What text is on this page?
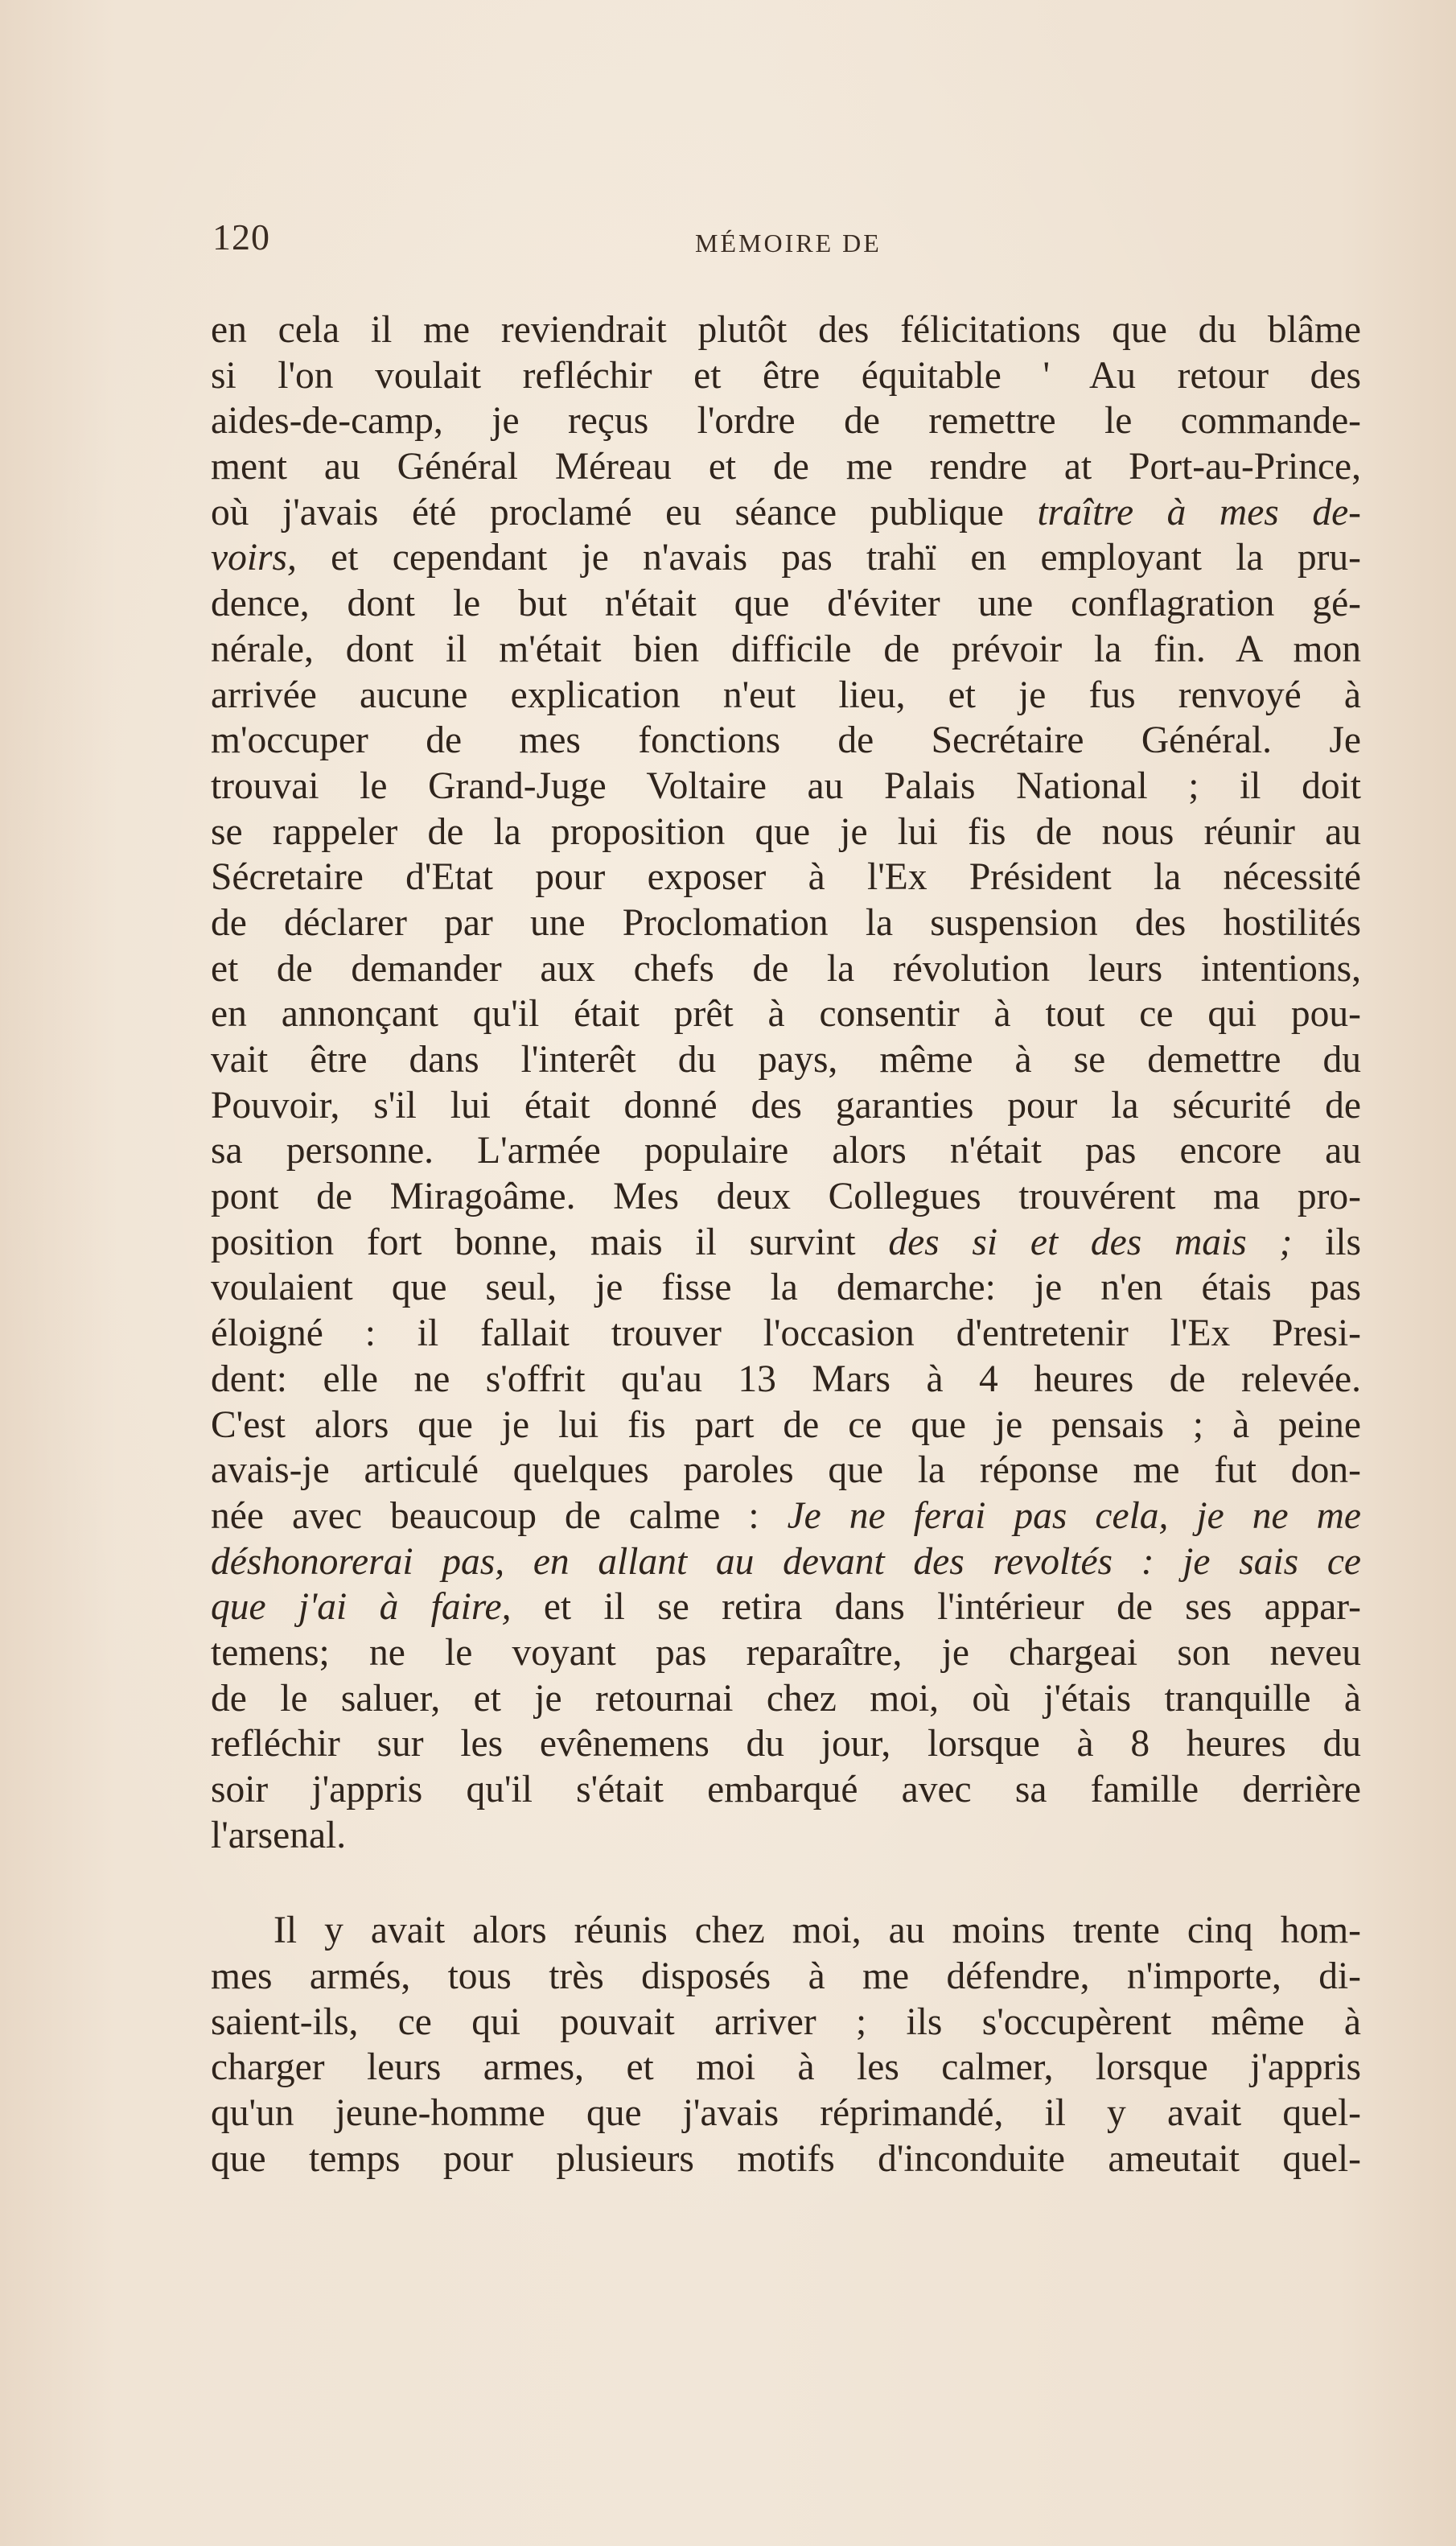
120	MÉMOIRE DE
en cela il me reviendrait plutôt des félicitations que du blâme
si l'on voulait refléchir et être équitable ' Au retour des
aides-de-camp, je reçus l'ordre de remettre le commande-
ment au Général Méreau et de me rendre at Port-au-Prince,
où j'avais été proclamé eu séance publique traître à mes de-
voirs, et cependant je n'avais pas trahï en employant la pru-
dence, dont le but n'était que d'éviter une conflagration gé-
nérale, dont il m'était bien difficile de prévoir la fin. A mon
arrivée aucune explication n'eut lieu, et je fus renvoyé à
m'occuper de mes fonctions de Secrétaire Général. Je
trouvai le Grand-Juge Voltaire au Palais National ; il doit
se rappeler de la proposition que je lui fis de nous réunir au
Sécretaire d'Etat pour exposer à l'Ex Président la nécessité
de déclarer par une Proclomation la suspension des hostilités
et de demander aux chefs de la révolution leurs intentions,
en annonçant qu'il était prêt à consentir à tout ce qui pou-
vait être dans l'interêt du pays, même à se demettre du
Pouvoir, s'il lui était donné des garanties pour la sécurité de
sa personne. L'armée populaire alors n'était pas encore au
pont de Miragoâme. Mes deux Collegues trouvérent ma pro-
position fort bonne, mais il survint des si et des mais ; ils
voulaient que seul, je fisse la demarche: je n'en étais pas
éloigné : il fallait trouver l'occasion d'entretenir l'Ex Presi-
dent: elle ne s'offrit qu'au 13 Mars à 4 heures de relevée.
C'est alors que je lui fis part de ce que je pensais ; à peine
avais-je articulé quelques paroles que la réponse me fut don-
née avec beaucoup de calme : Je ne ferai pas cela, je ne me
déshonorerai pas, en allant au devant des revoltés : je sais ce
que j'ai à faire, et il se retira dans l'intérieur de ses appar-
temens; ne le voyant pas reparaître, je chargeai son neveu
de le saluer, et je retournai chez moi, où j'étais tranquille à
refléchir sur les evênemens du jour, lorsque à 8 heures du
soir j'appris qu'il s'était embarqué avec sa famille derrière
l'arsenal.
Il y avait alors réunis chez moi, au moins trente cinq hom-
mes armés, tous très disposés à me défendre, n'importe, di-
saient-ils, ce qui pouvait arriver ; ils s'occupèrent même à
charger leurs armes, et moi à les calmer, lorsque j'appris
qu'un jeune-homme que j'avais réprimandé, il y avait quel-
que temps pour plusieurs motifs d'inconduite ameutait quel-
